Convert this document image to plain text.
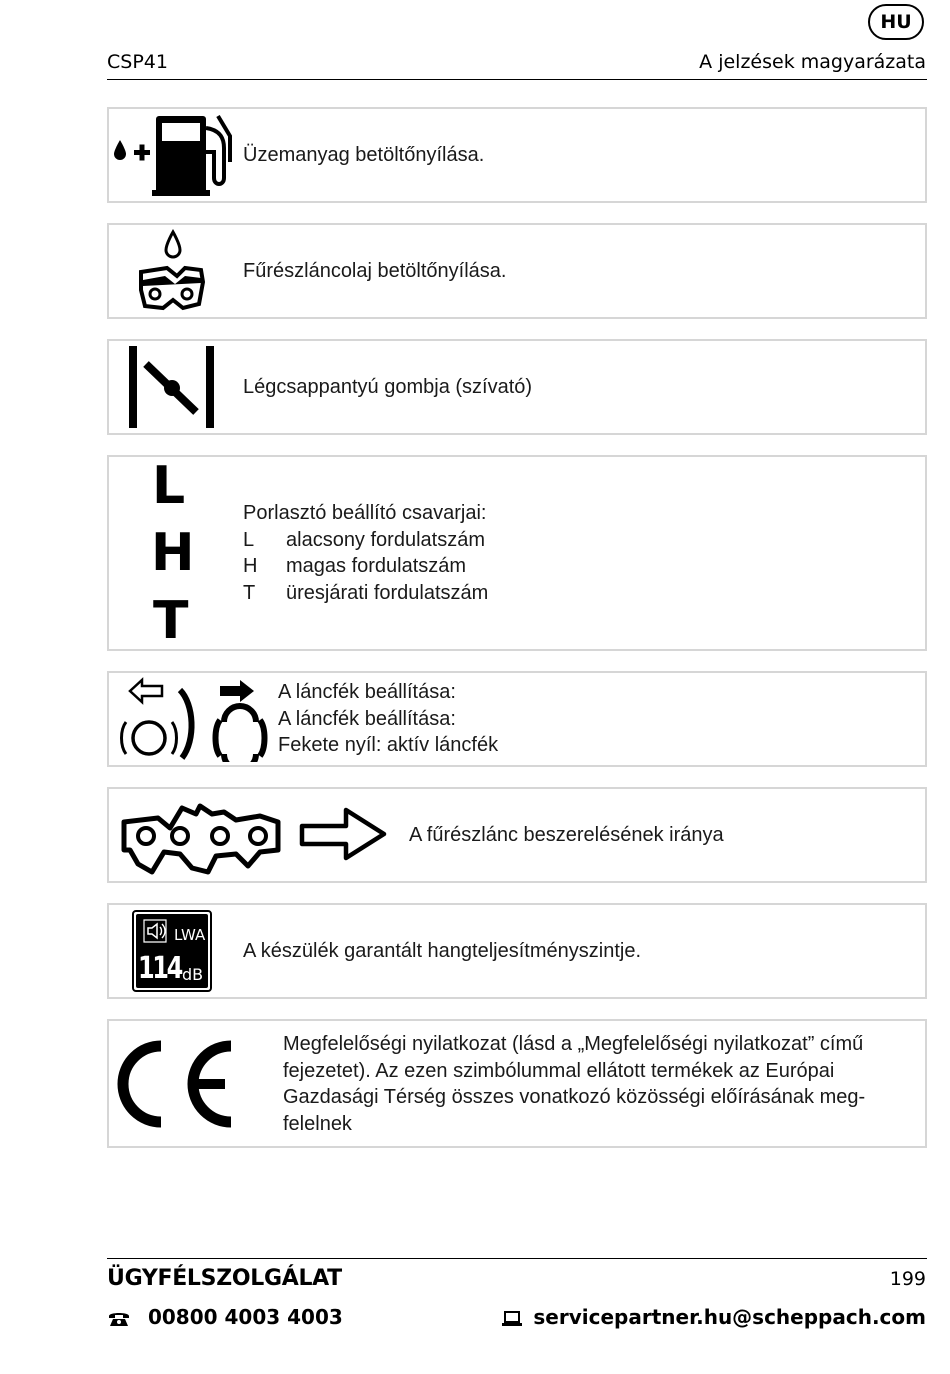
HU
CSP41	A jelzések magyarázata
Üzemanyag betöltőnyílása.
Fűrészláncolaj betöltőnyílása.
Légcsappantyú gombja (szívató)
L
H
T
Porlasztó beállító csavarjai:
L alacsony fordulatszám
H magas fordulatszám
T üresjárati fordulatszám
A láncfék beállítása:
A láncfék beállítása:
Fekete nyíl: aktív láncfék
A fűrészlánc beszerelésének iránya
LWA
114 dB
A készülék garantált hangteljesítményszintje.
Megfelelőségi nyilatkozat (lásd a „Megfelelőségi nyilatkozat” című
fejezetet). Az ezen szimbólummal ellátott termékek az Európai
Gazdasági Térség összes vonatkozó közösségi előírásának meg-
felelnek
ÜGYFÉLSZOLGÁLAT	199
00800 4003 4003	servicepartner.hu@scheppach.com
